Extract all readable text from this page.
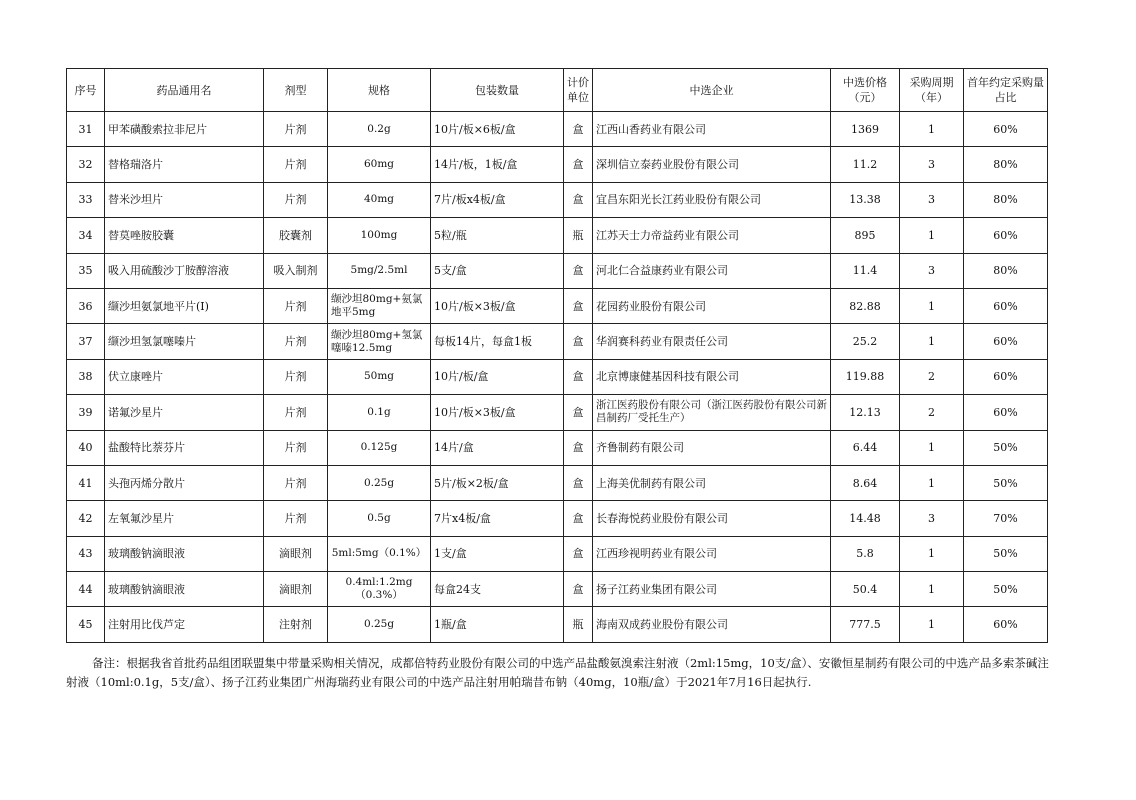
序号	药品通用名	剂型	规格	包装数量	计价单位	中选企业	中选价格（元）	采购周期（年）	首年约定采购量占比
31	甲苯磺酸索拉非尼片	片剂	0.2g	10片/板×6板/盒	盒	江西山香药业有限公司	1369	1	60%
32	替格瑞洛片	片剂	60mg	14片/板，1板/盒	盒	深圳信立泰药业股份有限公司	11.2	3	80%
33	替米沙坦片	片剂	40mg	7片/板x4板/盒	盒	宜昌东阳光长江药业股份有限公司	13.38	3	80%
34	替莫唑胺胶囊	胶囊剂	100mg	5粒/瓶	瓶	江苏天士力帝益药业有限公司	895	1	60%
35	吸入用硫酸沙丁胺醇溶液	吸入制剂	5mg/2.5ml	5支/盒	盒	河北仁合益康药业有限公司	11.4	3	80%
36	缬沙坦氨氯地平片(I)	片剂	缬沙坦80mg+氨氯地平5mg	10片/板×3板/盒	盒	花园药业股份有限公司	82.88	1	60%
37	缬沙坦氢氯噻嗪片	片剂	缬沙坦80mg+氢氯噻嗪12.5mg	每板14片，每盒1板	盒	华润赛科药业有限责任公司	25.2	1	60%
38	伏立康唑片	片剂	50mg	10片/板/盒	盒	北京博康健基因科技有限公司	119.88	2	60%
39	诺氟沙星片	片剂	0.1g	10片/板×3板/盒	盒	浙江医药股份有限公司（浙江医药股份有限公司新昌制药厂受托生产）	12.13	2	60%
40	盐酸特比萘芬片	片剂	0.125g	14片/盒	盒	齐鲁制药有限公司	6.44	1	50%
41	头孢丙烯分散片	片剂	0.25g	5片/板×2板/盒	盒	上海美优制药有限公司	8.64	1	50%
42	左氧氟沙星片	片剂	0.5g	7片x4板/盒	盒	长春海悦药业股份有限公司	14.48	3	70%
43	玻璃酸钠滴眼液	滴眼剂	5ml:5mg（0.1%）	1支/盒	盒	江西珍视明药业有限公司	5.8	1	50%
44	玻璃酸钠滴眼液	滴眼剂	0.4ml:1.2mg（0.3%）	每盒24支	盒	扬子江药业集团有限公司	50.4	1	50%
45	注射用比伐芦定	注射剂	0.25g	1瓶/盒	瓶	海南双成药业股份有限公司	777.5	1	60%
备注：根据我省首批药品组团联盟集中带量采购相关情况，成都倍特药业股份有限公司的中选产品盐酸氨溴索注射液（2ml:15mg，10支/盒）、安徽恒星制药有限公司的中选产品多索茶碱注射液（10ml:0.1g，5支/盒）、扬子江药业集团广州海瑞药业有限公司的中选产品注射用帕瑞昔布钠（40mg，10瓶/盒）于2021年7月16日起执行.
